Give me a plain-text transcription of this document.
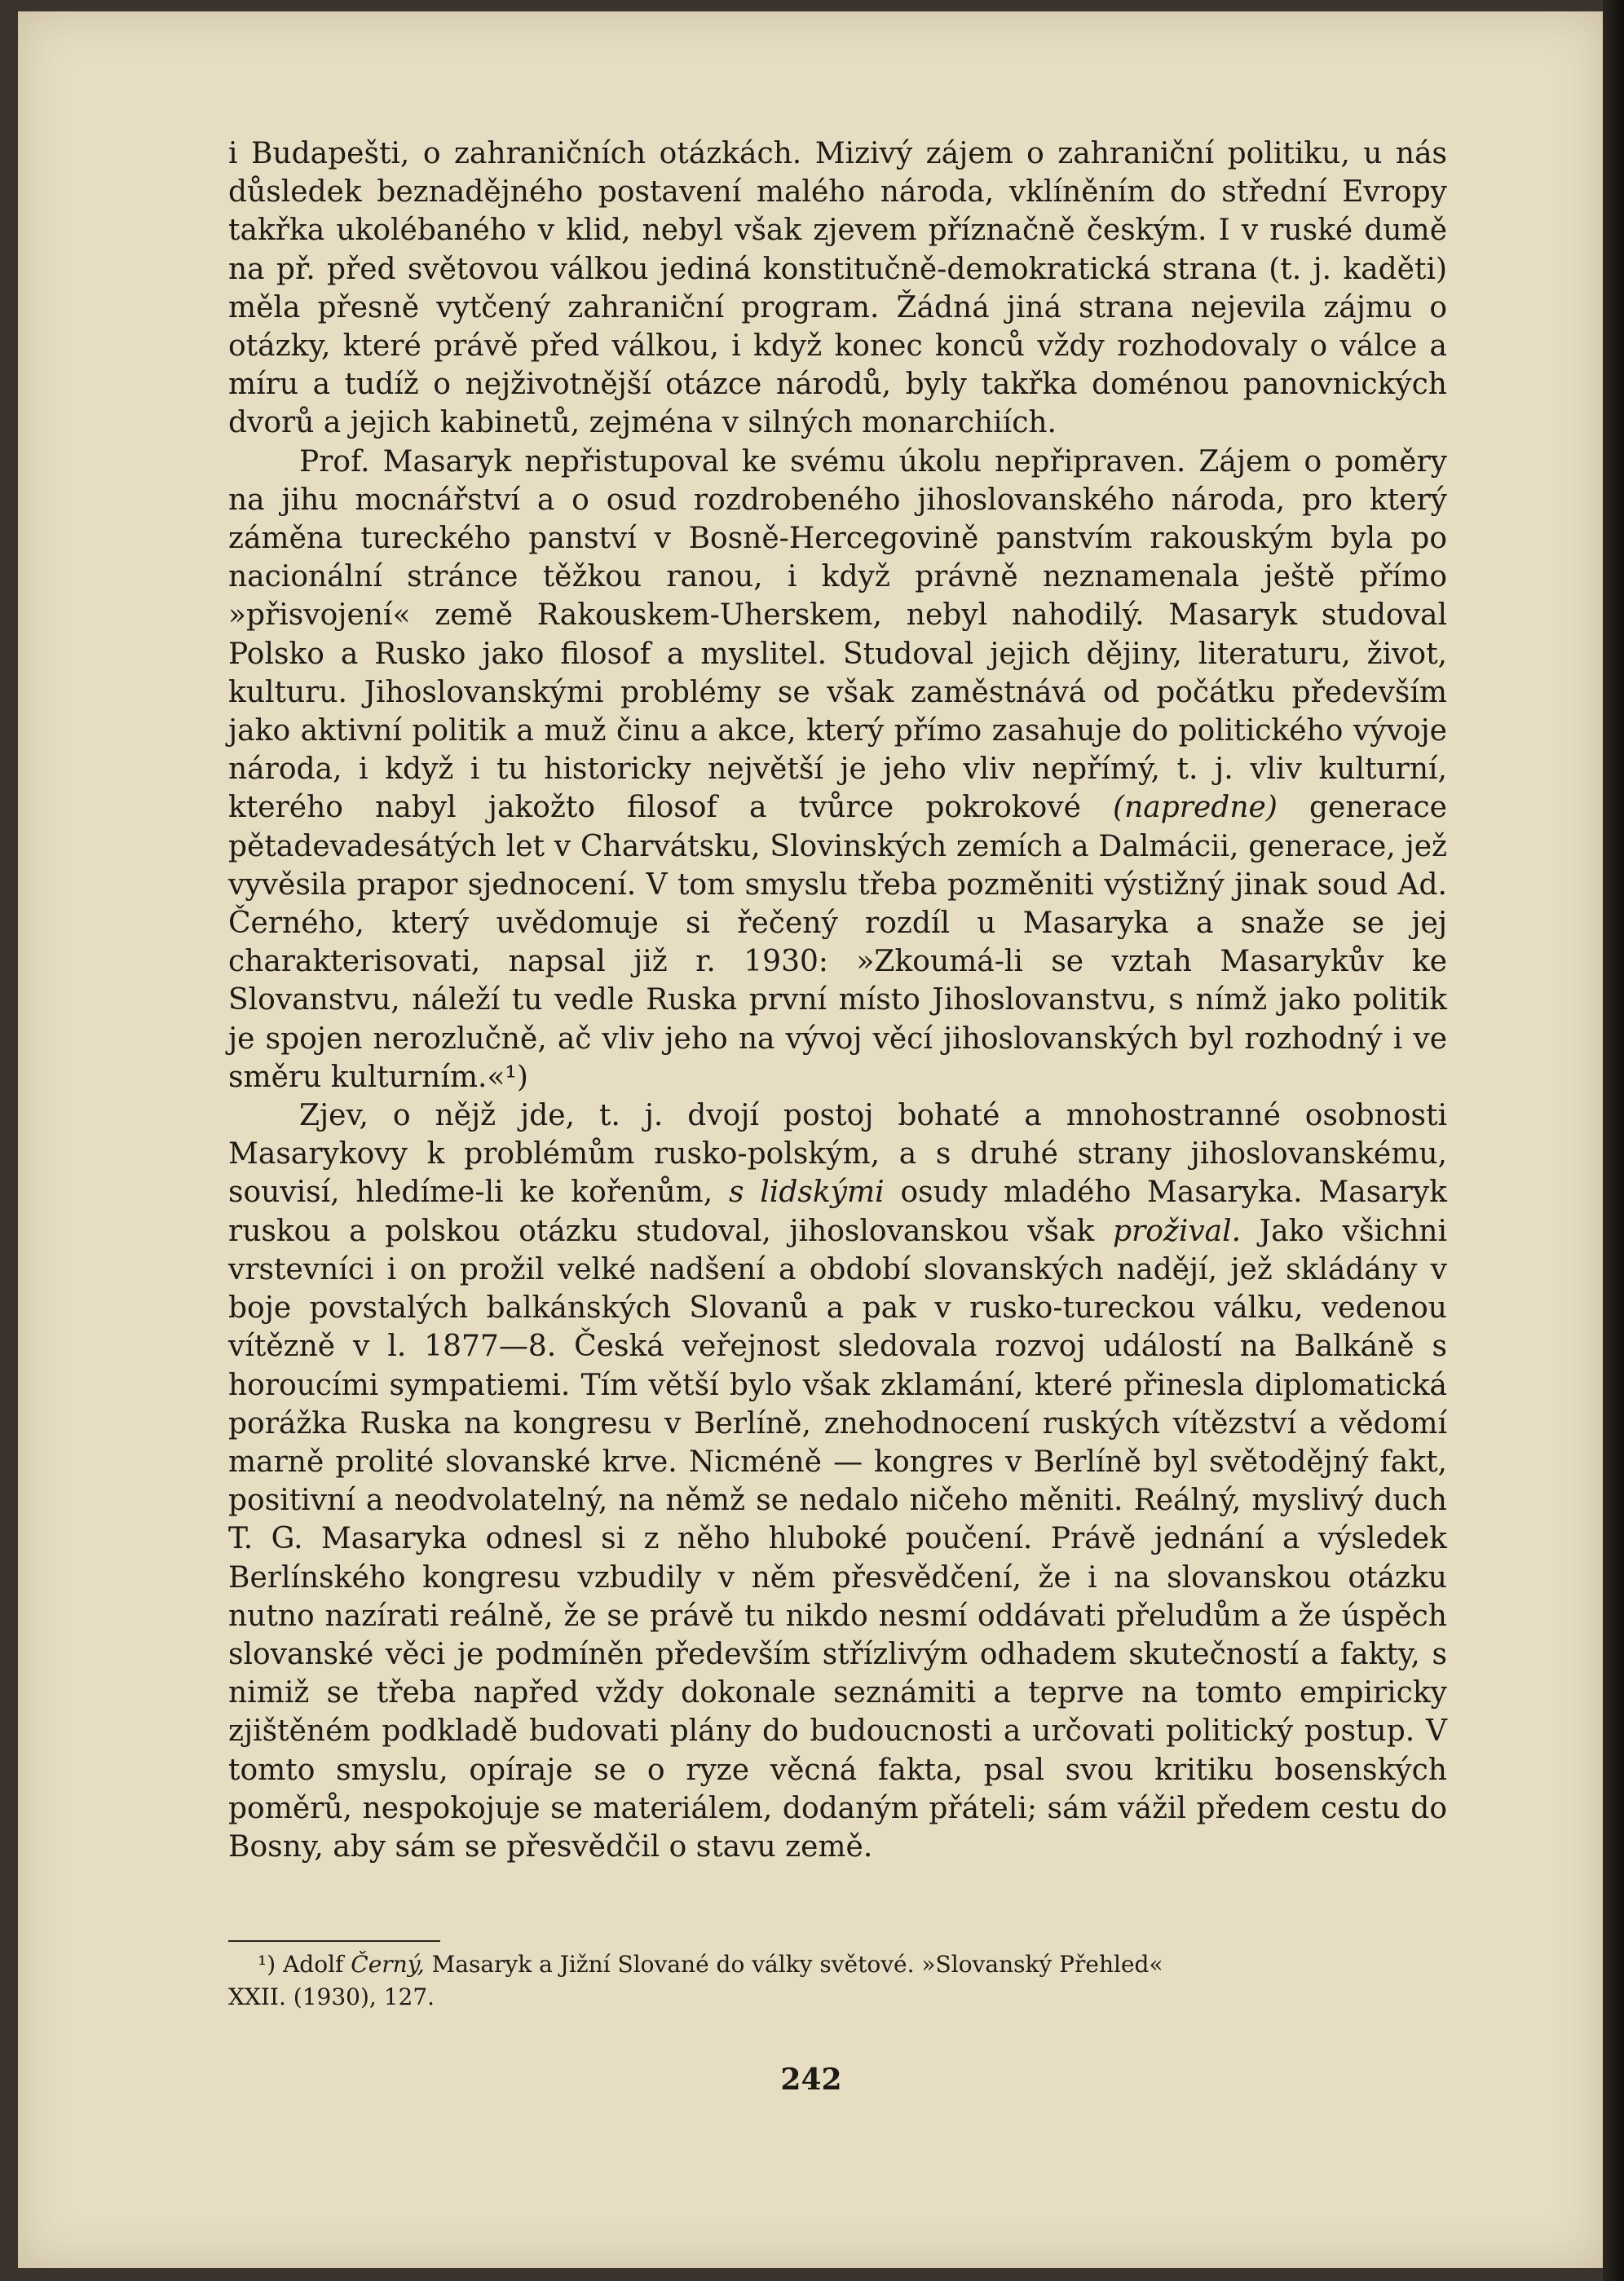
i Budapešti, o zahraničních otázkách. Mizivý zájem o zahraniční politiku, u nás důsledek beznadějného postavení malého národa, vklíněním do střední Evropy takřka ukolébaného v klid, nebyl však zjevem příznačně českým. I v ruské dumě na př. před světovou válkou jediná konstitučně-demokratická strana (t. j. kaděti) měla přesně vytčený zahraniční program. Žádná jiná strana nejevila zájmu o otázky, které právě před válkou, i když konec konců vždy rozhodovaly o válce a míru a tudíž o nejživotnější otázce národů, byly takřka doménou panovnických dvorů a jejich kabinetů, zejména v silných monarchiích.

Prof. Masaryk nepřistupoval ke svému úkolu nepřipraven. Zájem o poměry na jihu mocnářství a o osud rozdrobeného jihoslovanského národa, pro který záměna tureckého panství v Bosně-Hercegovině panstvím rakouským byla po nacionální stránce těžkou ranou, i když právně neznamenala ještě přímo »přisvojení« země Rakouskem-Uherskem, nebyl nahodilý. Masaryk studoval Polsko a Rusko jako filosof a myslitel. Studoval jejich dějiny, literaturu, život, kulturu. Jihoslovanskými problémy se však zaměstnává od počátku především jako aktivní politik a muž činu a akce, který přímo zasahuje do politického vývoje národa, i když i tu historicky největší je jeho vliv nepřímý, t. j. vliv kulturní, kterého nabyl jakožto filosof a tvůrce pokrokové (napredne) generace pětadevadesátých let v Charvátsku, Slovinských zemích a Dalmácii, generace, jež vyvěsila prapor sjednocení. V tom smyslu třeba pozměniti výstižný jinak soud Ad. Černého, který uvědomuje si řečený rozdíl u Masaryka a snaže se jej charakterisovati, napsal již r. 1930: »Zkoumá-li se vztah Masarykův ke Slovanstvu, náleží tu vedle Ruska první místo Jihoslovanstvu, s nímž jako politik je spojen nerozlučně, ač vliv jeho na vývoj věcí jihoslovanských byl rozhodný i ve směru kulturním.«¹)

Zjev, o nějž jde, t. j. dvojí postoj bohaté a mnohostranné osobnosti Masarykovy k problémům rusko-polským, a s druhé strany jihoslovanskému, souvisí, hledíme-li ke kořenům, s lidskými osudy mladého Masaryka. Masaryk ruskou a polskou otázku studoval, jihoslovanskou však prožival. Jako všichni vrstevníci i on prožil velké nadšení a období slovanských nadějí, jež skládány v boje povstalých balkánských Slovanů a pak v rusko-tureckou válku, vedenou vítězně v l. 1877—8. Česká veřejnost sledovala rozvoj událostí na Balkáně s horoucími sympatiemi. Tím větší bylo však zklamání, které přinesla diplomatická porážka Ruska na kongresu v Berlíně, znehodnocení ruských vítězství a vědomí marně prolité slovanské krve. Nicméně — kongres v Berlíně byl světodějný fakt, positivní a neodvolatelný, na němž se nedalo ničeho měniti. Reálný, myslivý duch T. G. Masaryka odnesl si z něho hluboké poučení. Právě jednání a výsledek Berlínského kongresu vzbudily v něm přesvědčení, že i na slovanskou otázku nutno nazírati reálně, že se právě tu nikdo nesmí oddávati přeludům a že úspěch slovanské věci je podmíněn především střízlivým odhadem skutečností a fakty, s nimiž se třeba napřed vždy dokonale seznámiti a teprve na tomto empiricky zjištěném podkladě budovati plány do budoucnosti a určovati politický postup. V tomto smyslu, opíraje se o ryze věcná fakta, psal svou kritiku bosenských poměrů, nespokojuje se materiálem, dodaným přáteli; sám vážil předem cestu do Bosny, aby sám se přesvědčil o stavu země.

¹) Adolf Černý, Masaryk a Jižní Slované do války světové. »Slovanský Přehled«
XXII. (1930), 127.
242
